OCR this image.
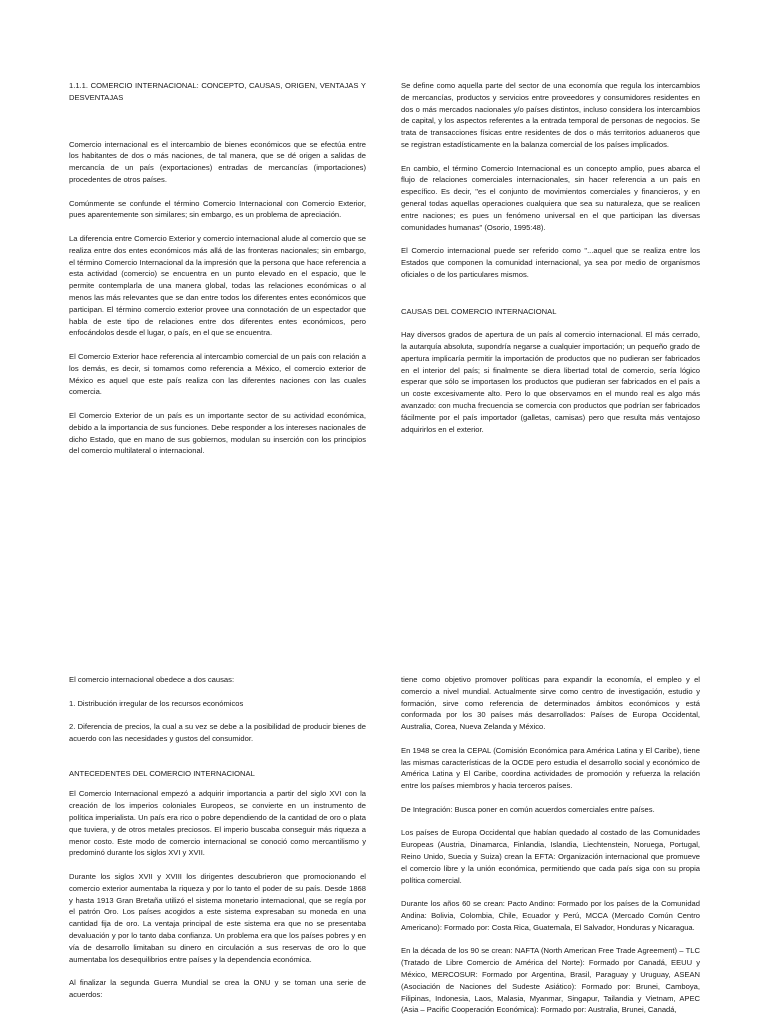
1.1.1. COMERCIO INTERNACIONAL: CONCEPTO, CAUSAS, ORIGEN, VENTAJAS Y DESVENTAJAS

Comercio internacional es el intercambio de bienes económicos que se efectúa entre los habitantes de dos o más naciones, de tal manera, que se dé origen a salidas de mercancía de un país (exportaciones) entradas de mercancías (importaciones) procedentes de otros países.

Comúnmente se confunde el término Comercio Internacional con Comercio Exterior, pues aparentemente son similares; sin embargo, es un problema de apreciación.

La diferencia entre Comercio Exterior y comercio internacional alude al comercio que se realiza entre dos entes económicos más allá de las fronteras nacionales; sin embargo, el término Comercio Internacional da la impresión que la persona que hace referencia a esta actividad (comercio) se encuentra en un punto elevado en el espacio, que le permite contemplarla de una manera global, todas las relaciones económicas o al menos las más relevantes que se dan entre todos los diferentes entes económicos que participan. El término comercio exterior provee una connotación de un espectador que habla de este tipo de relaciones entre dos diferentes entes económicos, pero enfocándolos desde el lugar, o país, en el que se encuentra.

El Comercio Exterior hace referencia al intercambio comercial de un país con relación a los demás, es decir, si tomamos como referencia a México, el comercio exterior de México es aquel que este país realiza con las diferentes naciones con las cuales comercia.

El Comercio Exterior de un país es un importante sector de su actividad económica, debido a la importancia de sus funciones. Debe responder a los intereses nacionales de dicho Estado, que en mano de sus gobiernos, modulan su inserción con los principios del comercio multilateral o internacional.

Se define como aquella parte del sector de una economía que regula los intercambios de mercancías, productos y servicios entre proveedores y consumidores residentes en dos o más mercados nacionales y/o países distintos, incluso considera los intercambios de capital, y los aspectos referentes a la entrada temporal de personas de negocios. Se trata de transacciones físicas entre residentes de dos o más territorios aduaneros que se registran estadísticamente en la balanza comercial de los países implicados.

En cambio, el término Comercio Internacional es un concepto amplio, pues abarca el flujo de relaciones comerciales internacionales, sin hacer referencia a un país en específico. Es decir, "es el conjunto de movimientos comerciales y financieros, y en general todas aquellas operaciones cualquiera que sea su naturaleza, que se realicen entre naciones; es pues un fenómeno universal en el que participan las diversas comunidades humanas" (Osorio, 1995:48).

El Comercio internacional puede ser referido como "...aquel que se realiza entre los Estados que componen la comunidad internacional, ya sea por medio de organismos oficiales o de los particulares mismos.

CAUSAS DEL COMERCIO INTERNACIONAL

Hay diversos grados de apertura de un país al comercio internacional. El más cerrado, la autarquía absoluta, supondría negarse a cualquier importación; un pequeño grado de apertura implicaría permitir la importación de productos que no pudieran ser fabricados en el interior del país; si finalmente se diera libertad total de comercio, sería lógico esperar que sólo se importasen los productos que pudieran ser fabricados en el país a un coste excesivamente alto. Pero lo que observamos en el mundo real es algo más avanzado: con mucha frecuencia se comercia con productos que podrían ser fabricados fácilmente por el país importador (galletas, camisas) pero que resulta más ventajoso adquirirlos en el exterior.

El comercio internacional obedece a dos causas:

1. Distribución irregular de los recursos económicos

2. Diferencia de precios, la cual a su vez se debe a la posibilidad de producir bienes de acuerdo con las necesidades y gustos del consumidor.

ANTECEDENTES DEL COMERCIO INTERNACIONAL

El Comercio Internacional empezó a adquirir importancia a partir del siglo XVI con la creación de los imperios coloniales Europeos, se convierte en un instrumento de política imperialista. Un país era rico o pobre dependiendo de la cantidad de oro o plata que tuviera, y de otros metales preciosos. El imperio buscaba conseguir más riqueza a menor costo. Este modo de comercio internacional se conoció como mercantilismo y predominó durante los siglos XVI y XVII.

Durante los siglos XVII y XVIII los dirigentes descubrieron que promocionando el comercio exterior aumentaba la riqueza y por lo tanto el poder de su país. Desde 1868 y hasta 1913 Gran Bretaña utilizó el sistema monetario internacional, que se regía por el patrón Oro. Los países acogidos a este sistema expresaban su moneda en una cantidad fija de oro. La ventaja principal de este sistema era que no se presentaba devaluación y por lo tanto daba confianza. Un problema era que los países pobres y en vía de desarrollo limitaban su dinero en circulación a sus reservas de oro lo que aumentaba los desequilibrios entre países y la dependencia económica.

Al finalizar la segunda Guerra Mundial se crea la ONU y se toman una serie de acuerdos:

tiene como objetivo promover políticas para expandir la economía, el empleo y el comercio a nivel mundial. Actualmente sirve como centro de investigación, estudio y formación, sirve como referencia de determinados ámbitos económicos y está conformada por los 30 países más desarrollados: Países de Europa Occidental, Australia, Corea, Nueva Zelanda y México.

En 1948 se crea la CEPAL (Comisión Económica para América Latina y El Caribe), tiene las mismas características de la OCDE pero estudia el desarrollo social y económico de América Latina y El Caribe, coordina actividades de promoción y refuerza la relación entre los países miembros y hacia terceros países.

De Integración: Busca poner en común acuerdos comerciales entre países.

Los países de Europa Occidental que habían quedado al costado de las Comunidades Europeas (Austria, Dinamarca, Finlandia, Islandia, Liechtenstein, Noruega, Portugal, Reino Unido, Suecia y Suiza) crean la EFTA: Organización internacional que promueve el comercio libre y la unión económica, permitiendo que cada país siga con su propia política comercial.

Durante los años 60 se crean: Pacto Andino: Formado por los países de la Comunidad Andina: Bolivia, Colombia, Chile, Ecuador y Perú, MCCA (Mercado Común Centro Americano): Formado por: Costa Rica, Guatemala, El Salvador, Honduras y Nicaragua.

En la década de los 90 se crean: NAFTA (North American Free Trade Agreement) – TLC (Tratado de Libre Comercio de América del Norte): Formado por Canadá, EEUU y México, MERCOSUR: Formado por Argentina, Brasil, Paraguay y Uruguay, ASEAN (Asociación de Naciones del Sudeste Asiático): Formado por: Brunei, Camboya, Filipinas, Indonesia, Laos, Malasia, Myanmar, Singapur, Tailandia y Vietnam, APEC (Asia – Pacific Cooperación Económica): Formado por: Australia, Brunei, Canadá,
